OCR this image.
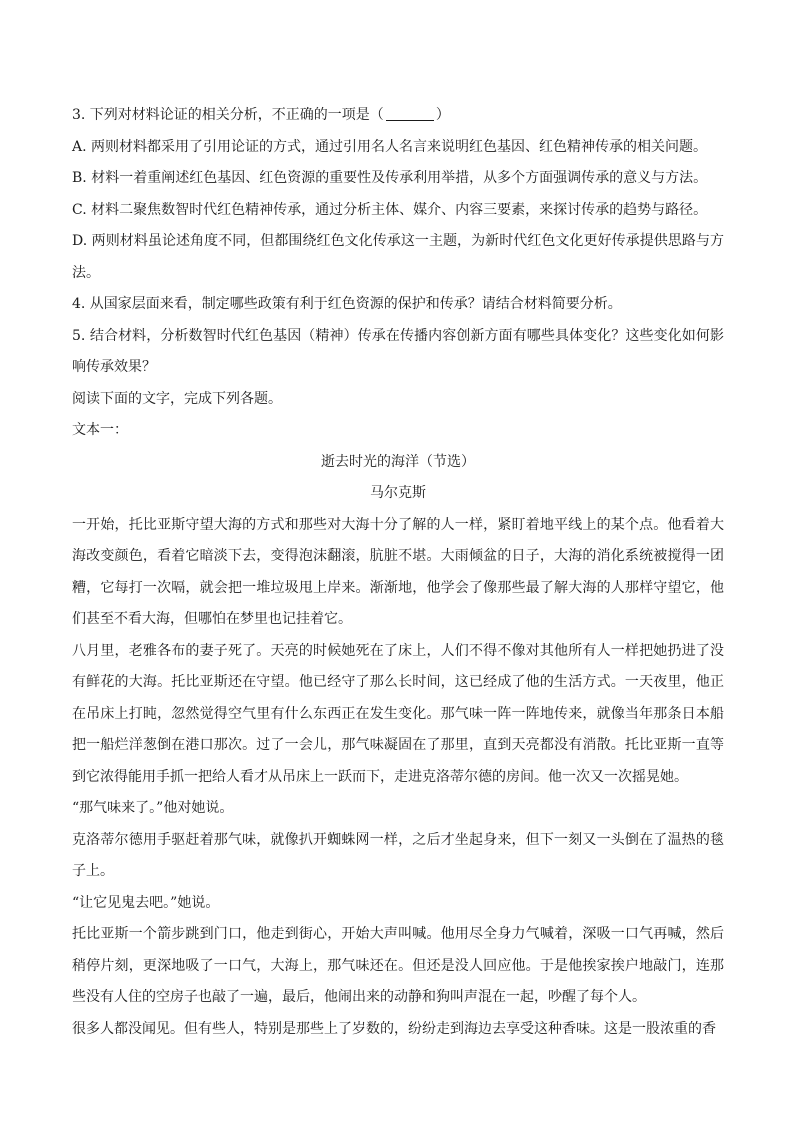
3. 下列对材料论证的相关分析，不正确的一项是（	）
A. 两则材料都采用了引用论证的方式，通过引用名人名言来说明红色基因、红色精神传承的相关问题。
B. 材料一着重阐述红色基因、红色资源的重要性及传承利用举措，从多个方面强调传承的意义与方法。
C. 材料二聚焦数智时代红色精神传承，通过分析主体、媒介、内容三要素，来探讨传承的趋势与路径。
D. 两则材料虽论述角度不同，但都围绕红色文化传承这一主题，为新时代红色文化更好传承提供思路与方法。
4. 从国家层面来看，制定哪些政策有利于红色资源的保护和传承？请结合材料简要分析。
5. 结合材料，分析数智时代红色基因（精神）传承在传播内容创新方面有哪些具体变化？这些变化如何影响传承效果？
阅读下面的文字，完成下列各题。
文本一：
逝去时光的海洋（节选）
马尔克斯
一开始，托比亚斯守望大海的方式和那些对大海十分了解的人一样，紧盯着地平线上的某个点。他看着大海改变颜色，看着它暗淡下去，变得泡沫翻滚，肮脏不堪。大雨倾盆的日子，大海的消化系统被搅得一团糟，它每打一次嗝，就会把一堆垃圾甩上岸来。渐渐地，他学会了像那些最了解大海的人那样守望它，他们甚至不看大海，但哪怕在梦里也记挂着它。
八月里，老雅各布的妻子死了。天亮的时候她死在了床上，人们不得不像对其他所有人一样把她扔进了没有鲜花的大海。托比亚斯还在守望。他已经守了那么长时间，这已经成了他的生活方式。一天夜里，他正在吊床上打盹，忽然觉得空气里有什么东西正在发生变化。那气味一阵一阵地传来，就像当年那条日本船把一船烂洋葱倒在港口那次。过了一会儿，那气味凝固在了那里，直到天亮都没有消散。托比亚斯一直等到它浓得能用手抓一把给人看才从吊床上一跃而下，走进克洛蒂尔德的房间。他一次又一次摇晃她。
“那气味来了。”他对她说。
克洛蒂尔德用手驱赶着那气味，就像扒开蜘蛛网一样，之后才坐起身来，但下一刻又一头倒在了温热的毯子上。
“让它见鬼去吧。”她说。
托比亚斯一个箭步跳到门口，他走到街心，开始大声叫喊。他用尽全身力气喊着，深吸一口气再喊，然后稍停片刻，更深地吸了一口气，大海上，那气味还在。但还是没人回应他。于是他挨家挨户地敲门，连那些没有人住的空房子也敲了一遍，最后，他闹出来的动静和狗叫声混在一起，吵醒了每个人。
很多人都没闻见。但有些人，特别是那些上了岁数的，纷纷走到海边去享受这种香味。这是一股浓重的香
